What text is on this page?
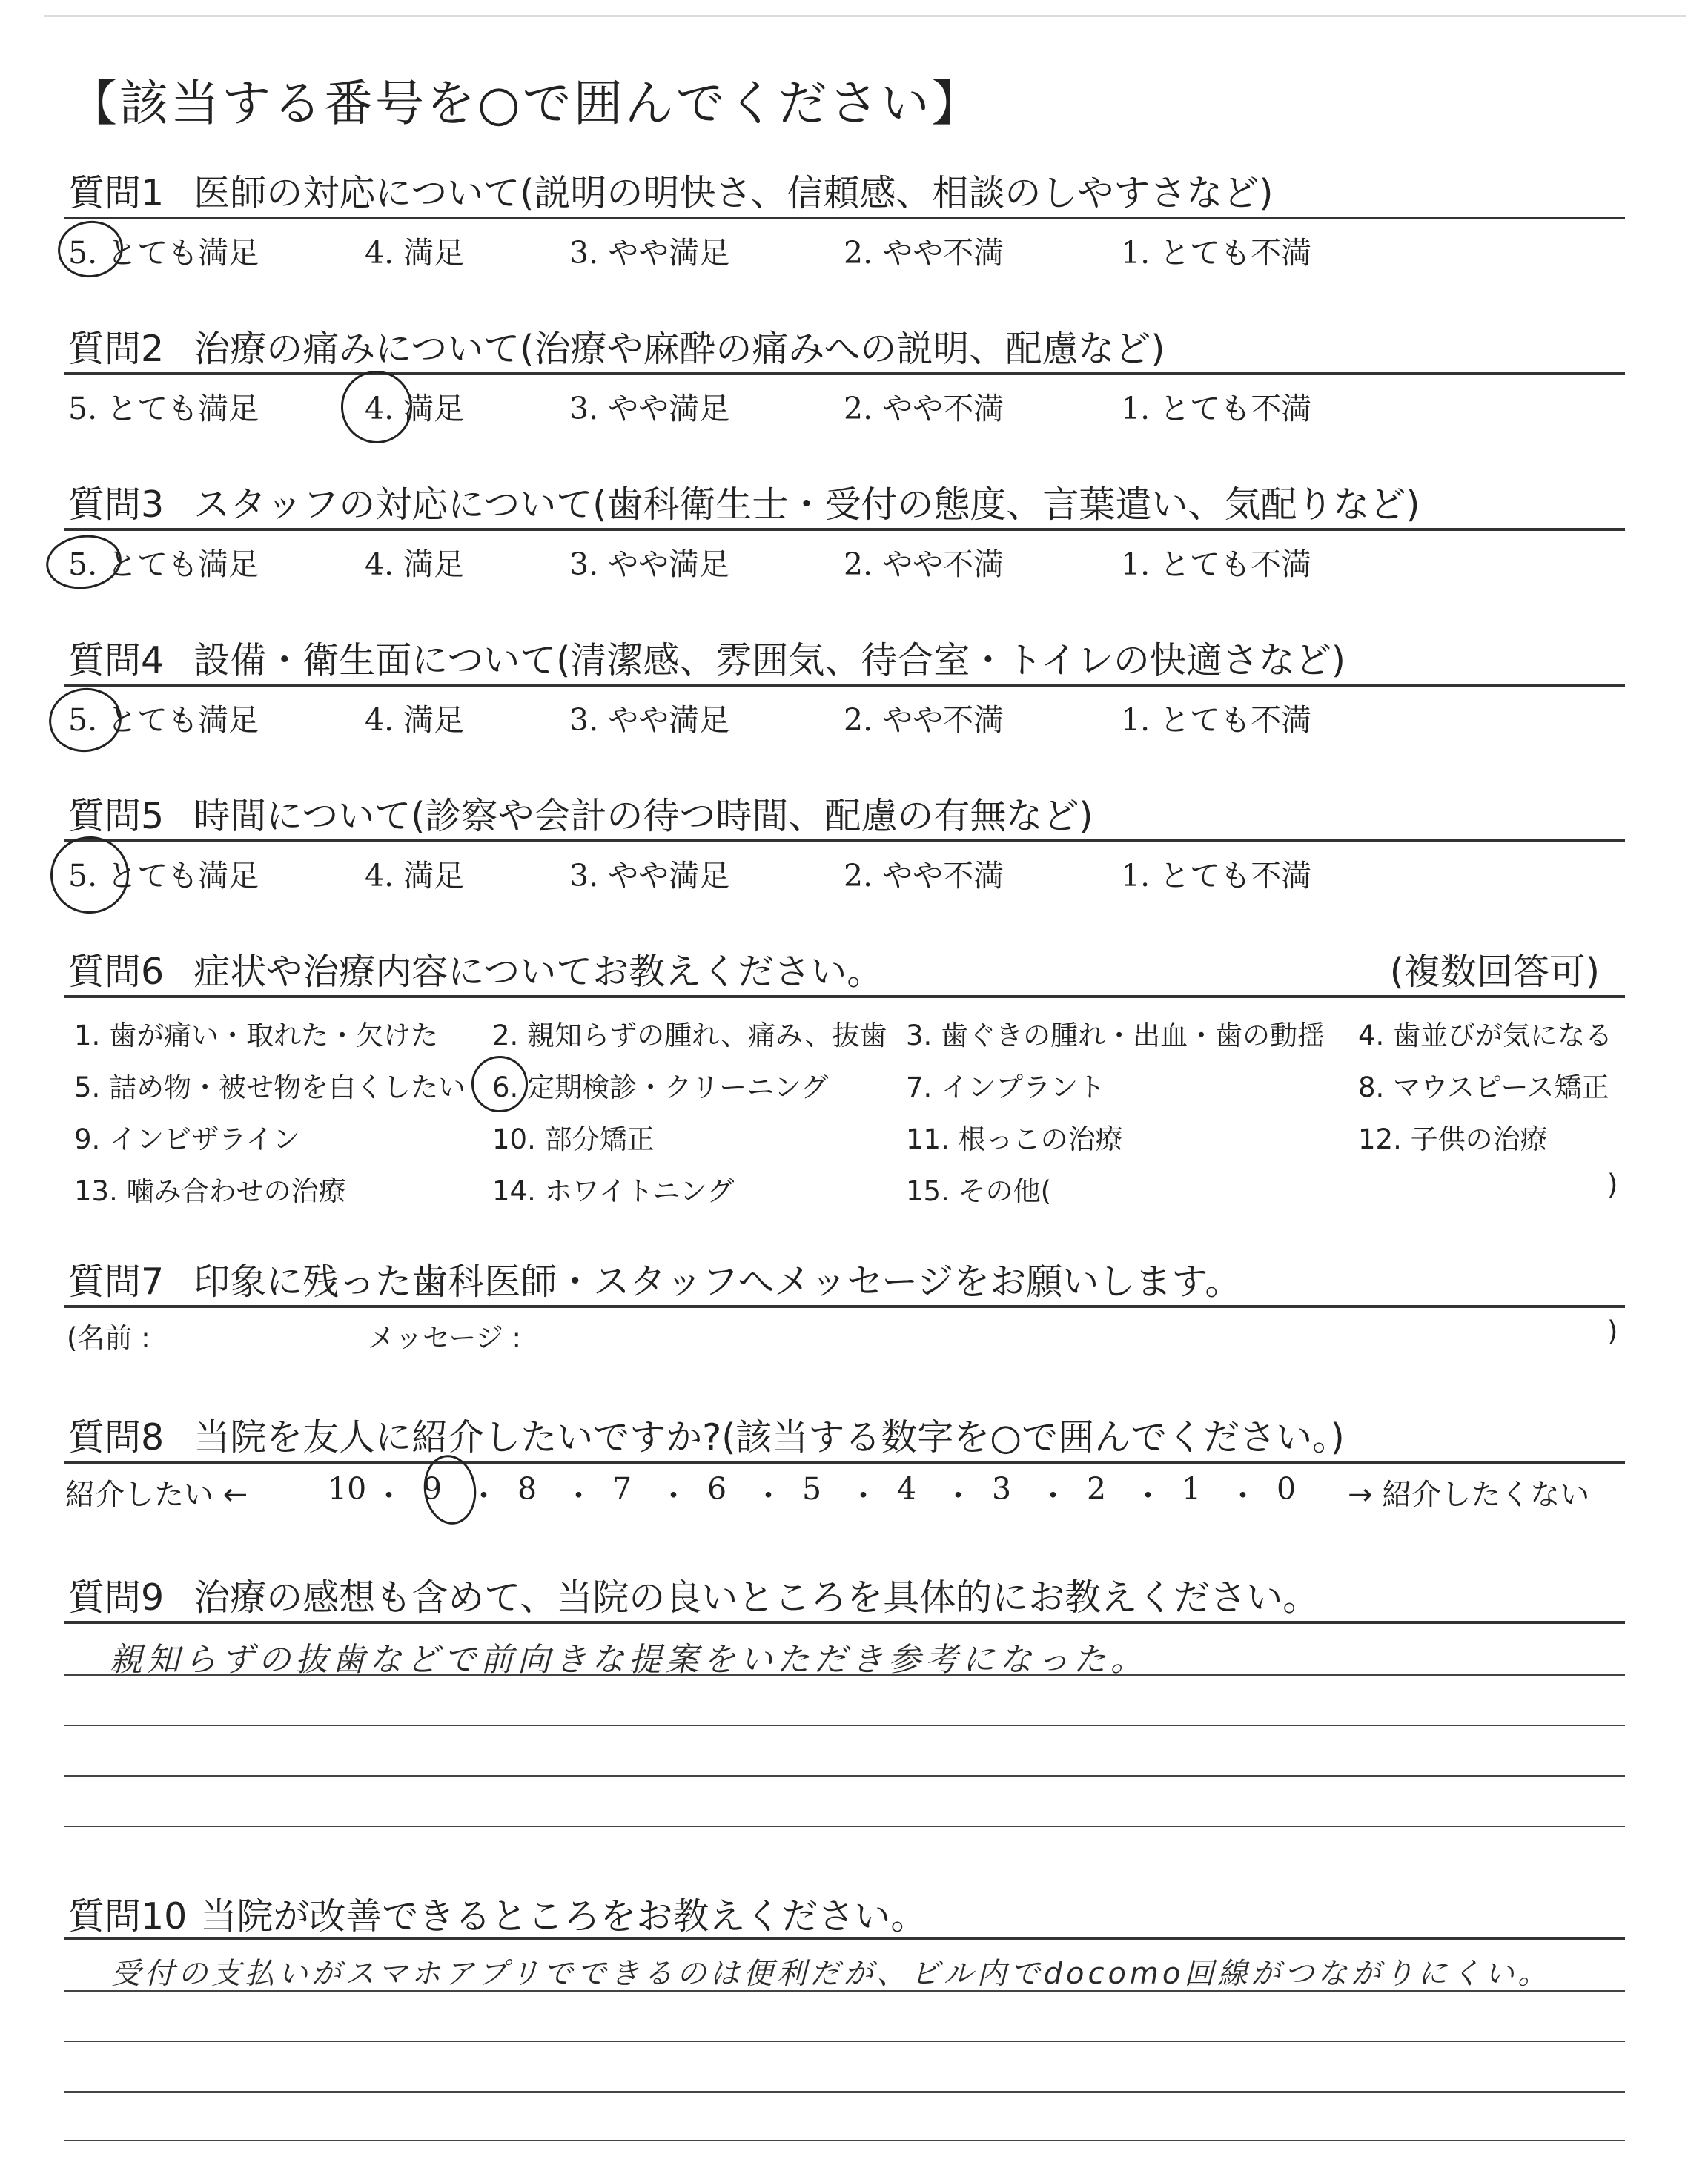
【該当する番号を○で囲んでください】
質問1 医師の対応について(説明の明快さ、信頼感、相談のしやすさなど)
5. とても満足	4. 満足	3. やや満足	2. やや不満	1. とても不満
質問2 治療の痛みについて(治療や麻酔の痛みへの説明、配慮など)
5. とても満足	4. 満足	3. やや満足	2. やや不満	1. とても不満
質問3 スタッフの対応について(歯科衛生士・受付の態度、言葉遣い、気配りなど)
5. とても満足	4. 満足	3. やや満足	2. やや不満	1. とても不満
質問4 設備・衛生面について(清潔感、雰囲気、待合室・トイレの快適さなど)
5. とても満足	4. 満足	3. やや満足	2. やや不満	1. とても不満
質問5 時間について(診察や会計の待つ時間、配慮の有無など)
5. とても満足	4. 満足	3. やや満足	2. やや不満	1. とても不満
質問6 症状や治療内容についてお教えください。	(複数回答可)
1. 歯が痛い・取れた・欠けた 2. 親知らずの腫れ、痛み、抜歯 3. 歯ぐきの腫れ・出血・歯の動揺 4. 歯並びが気になる
5. 詰め物・被せ物を白くしたい 6. 定期検診・クリーニング	7. インプラント	8. マウスピース矯正
9. インビザライン	10. 部分矯正	11. 根っこの治療	12. 子供の治療
13. 噛み合わせの治療	14. ホワイトニング	15. その他(	)
質問7 印象に残った歯科医師・スタッフへメッセージをお願いします。
(名前 :	メッセージ :	)
質問8 当院を友人に紹介したいですか?(該当する数字を○で囲んでください。)
紹介したい ←	→ 紹介したくない
10 ・ 9 ・ 8 ・ 7 ・ 6 ・ 5 ・ 4 ・ 3 ・ 2 ・ 1 ・ 0
質問9 治療の感想も含めて、当院の良いところを具体的にお教えください。
親知らずの抜歯などで前向きな提案をいただき参考になった。
質問10 当院が改善できるところをお教えください。
受付の支払いがスマホアプリでできるのは便利だが、ビル内でdocomo回線がつながりにくい。
